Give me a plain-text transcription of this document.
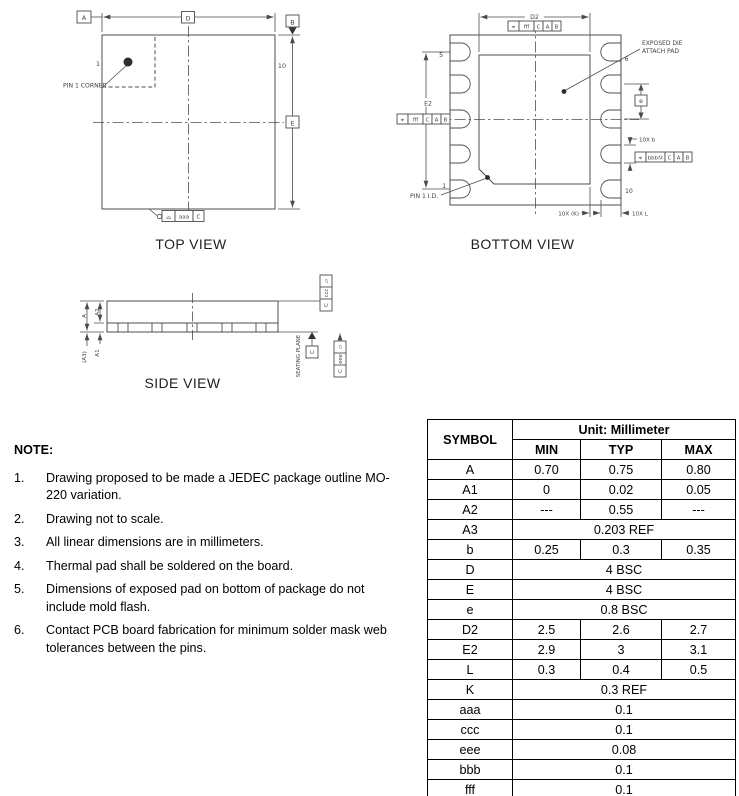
A	D	B
E
1	10
PIN 1 CORNER
⌓ aaa C
TOP VIEW
D2
E2	e
5
6
1
10
EXPOSED DIE
ATTACH PAD
PIN 1 I.D.
10X b
10X (K)	10X L
⌖ fff C A B
⌖ fff C A B
⌖ bbbⓂ C A B
BOTTOM VIEW
A
A2
A1
(A3)	SEATING PLANE C
▱
ccc
C
▱
eee
C
SIDE VIEW
NOTE:
1.	Drawing proposed to be made a JEDEC package outline MO-220 variation.
2.	Drawing not to scale.
3.	All linear dimensions are in millimeters.
4.	Thermal pad shall be soldered on the board.
5.	Dimensions of exposed pad on bottom of package do not include mold flash.
6.	Contact PCB board fabrication for minimum solder mask web tolerances between the pins.
SYMBOL	Unit: Millimeter		
	MIN	TYP	MAX
A	0.70	0.75	0.80
A1	0	0.02	0.05
A2	---	0.55	---
A3	0.203 REF		
b	0.25	0.3	0.35
D	4 BSC		
E	4 BSC		
e	0.8 BSC		
D2	2.5	2.6	2.7
E2	2.9	3	3.1
L	0.3	0.4	0.5
K	0.3 REF		
aaa	0.1		
ccc	0.1		
eee	0.08		
bbb	0.1		
fff	0.1		
